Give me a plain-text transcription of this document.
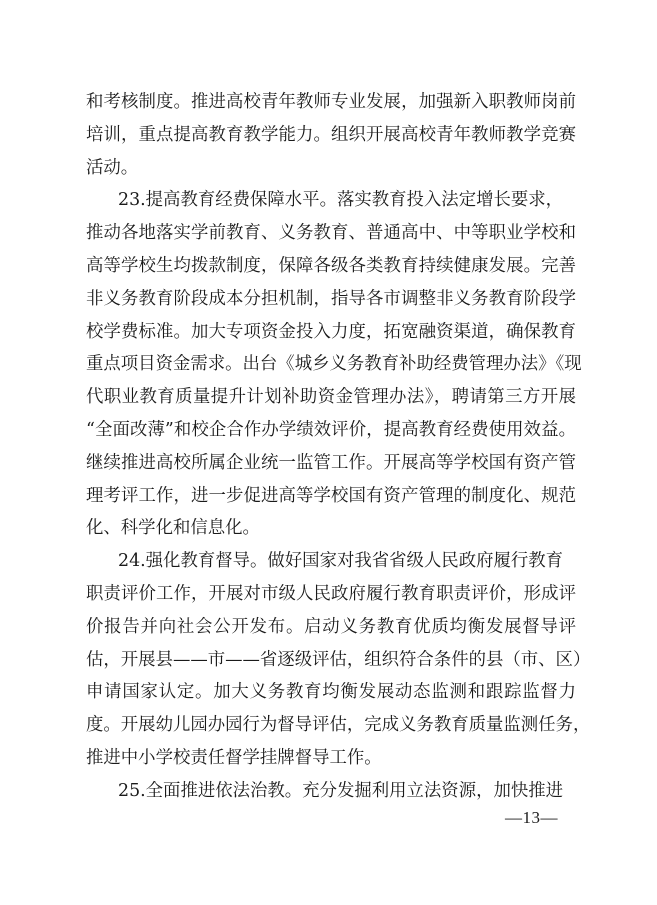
和考核制度。推进高校青年教师专业发展，加强新入职教师岗前

培训，重点提高教育教学能力。组织开展高校青年教师教学竞赛

活动。

23.提高教育经费保障水平。落实教育投入法定增长要求，

推动各地落实学前教育、义务教育、普通高中、中等职业学校和

高等学校生均拨款制度，保障各级各类教育持续健康发展。完善

非义务教育阶段成本分担机制，指导各市调整非义务教育阶段学

校学费标准。加大专项资金投入力度，拓宽融资渠道，确保教育

重点项目资金需求。出台《城乡义务教育补助经费管理办法》《现

代职业教育质量提升计划补助资金管理办法》，聘请第三方开展

“全面改薄”和校企合作办学绩效评价，提高教育经费使用效益。

继续推进高校所属企业统一监管工作。开展高等学校国有资产管

理考评工作，进一步促进高等学校国有资产管理的制度化、规范

化、科学化和信息化。

24.强化教育督导。做好国家对我省省级人民政府履行教育

职责评价工作，开展对市级人民政府履行教育职责评价，形成评

价报告并向社会公开发布。启动义务教育优质均衡发展督导评

估，开展县——市——省逐级评估，组织符合条件的县（市、区）

申请国家认定。加大义务教育均衡发展动态监测和跟踪监督力

度。开展幼儿园办园行为督导评估，完成义务教育质量监测任务，

推进中小学校责任督学挂牌督导工作。

25.全面推进依法治教。充分发掘利用立法资源，加快推进

—13—
